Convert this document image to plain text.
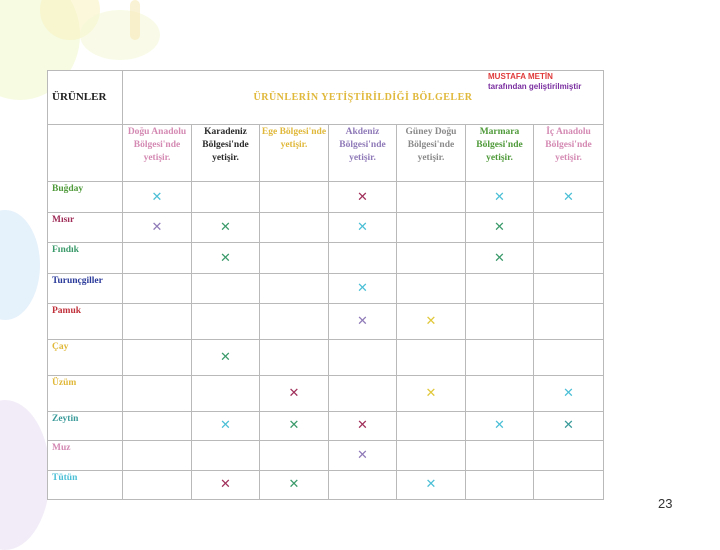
ÜRÜNLER	ÜRÜNLERİN YETİŞTİRİLDİĞİ BÖLGELER						
	Doğu Anadolu Bölgesi'nde yetişir.	Karadeniz Bölgesi'nde yetişir.	Ege Bölgesi'nde yetişir.	Akdeniz Bölgesi'nde yetişir.	Güney Doğu Bölgesi'nde yetişir.	Marmara Bölgesi'nde yetişir.	İç Anadolu Bölgesi'nde yetişir.
Buğday	✕			✕		✕	✕
Mısır	✕	✕		✕		✕	
Fındık		✕				✕	
Turunçgiller				✕			
Pamuk				✕	✕		
Çay		✕					
Üzüm			✕		✕		✕
Zeytin		✕	✕	✕		✕	✕
Muz				✕			
Tütün		✕	✕		✕		
MUSTAFA METİN
tarafından geliştirilmiştir
23
